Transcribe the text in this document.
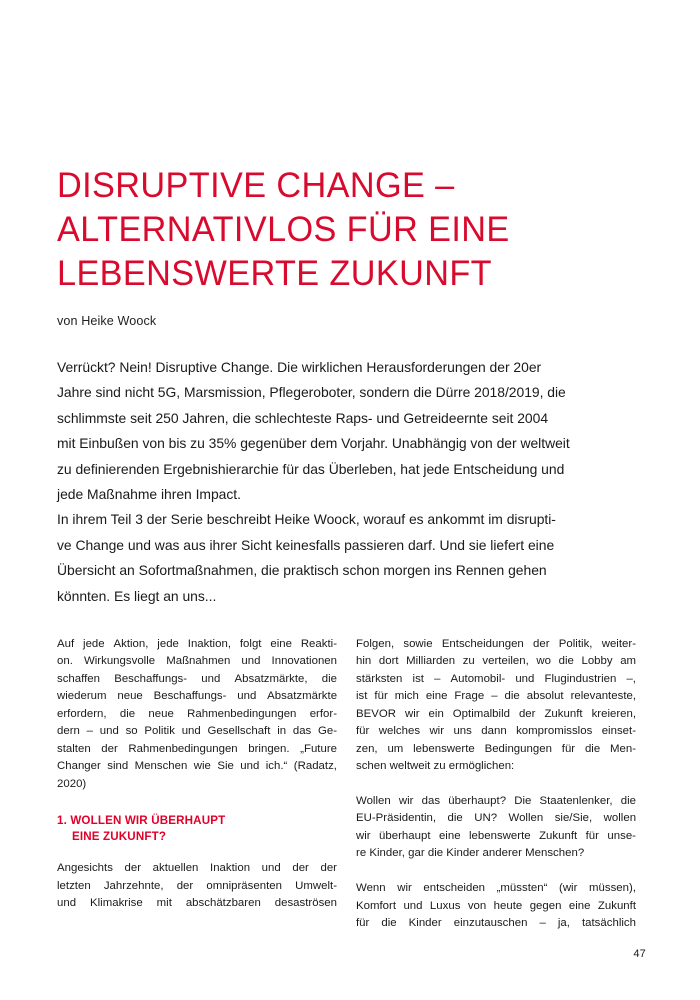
DISRUPTIVE CHANGE –
ALTERNATIVLOS FÜR EINE
LEBENSWERTE ZUKUNFT
von Heike Woock

Verrückt? Nein! Disruptive Change. Die wirklichen Herausforderungen der 20er
Jahre sind nicht 5G, Marsmission, Pflegeroboter, sondern die Dürre 2018/2019, die
schlimmste seit 250 Jahren, die schlechteste Raps- und Getreideernte seit 2004
mit Einbußen von bis zu 35% gegenüber dem Vorjahr. Unabhängig von der weltweit
zu definierenden Ergebnishierarchie für das Überleben, hat jede Entscheidung und
jede Maßnahme ihren Impact.

In ihrem Teil 3 der Serie beschreibt Heike Woock, worauf es ankommt im disrupti-
ve Change und was aus ihrer Sicht keinesfalls passieren darf. Und sie liefert eine
Übersicht an Sofortmaßnahmen, die praktisch schon morgen ins Rennen gehen
könnten. Es liegt an uns...

Auf jede Aktion, jede Inaktion, folgt eine Reakti-
on. Wirkungsvolle Maßnahmen und Innovationen
schaffen Beschaffungs- und Absatzmärkte, die
wiederum neue Beschaffungs- und Absatzmärkte
erfordern, die neue Rahmenbedingungen erfor-
dern – und so Politik und Gesellschaft in das Ge-
stalten der Rahmenbedingungen bringen. „Future
Changer sind Menschen wie Sie und ich.“ (Radatz,
2020)

1. WOLLEN WIR ÜBERHAUPT
EINE ZUKUNFT?

Angesichts der aktuellen Inaktion und der der
letzten Jahrzehnte, der omnipräsenten Umwelt-
und Klimakrise mit abschätzbaren desaströsen

Folgen, sowie Entscheidungen der Politik, weiter-
hin dort Milliarden zu verteilen, wo die Lobby am
stärksten ist – Automobil- und Flugindustrien –,
ist für mich eine Frage – die absolut relevanteste,
BEVOR wir ein Optimalbild der Zukunft kreieren,
für welches wir uns dann kompromisslos einset-
zen, um lebenswerte Bedingungen für die Men-
schen weltweit zu ermöglichen:

Wollen wir das überhaupt? Die Staatenlenker, die
EU-Präsidentin, die UN? Wollen sie/Sie, wollen
wir überhaupt eine lebenswerte Zukunft für unse-
re Kinder, gar die Kinder anderer Menschen?

Wenn wir entscheiden „müssten“ (wir müssen),
Komfort und Luxus von heute gegen eine Zukunft
für die Kinder einzutauschen – ja, tatsächlich

47
